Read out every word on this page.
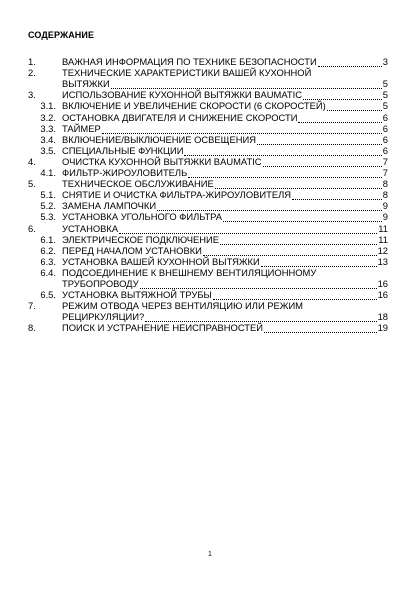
СОДЕРЖАНИЕ
1.	ВАЖНАЯ ИНФОРМАЦИЯ ПО ТЕХНИКЕ БЕЗОПАСНОСТИ	3
2.	ТЕХНИЧЕСКИЕ ХАРАКТЕРИСТИКИ ВАШЕЙ КУХОННОЙ
ВЫТЯЖКИ	5
3.	ИСПОЛЬЗОВАНИЕ КУХОННОЙ ВЫТЯЖКИ BAUMATIC	5
3.1. ВКЛЮЧЕНИЕ И УВЕЛИЧЕНИЕ СКОРОСТИ (6 СКОРОСТЕЙ)	5
3.2. ОСТАНОВКА ДВИГАТЕЛЯ И СНИЖЕНИЕ СКОРОСТИ	6
3.3. ТАЙМЕР	6
3.4. ВКЛЮЧЕНИЕ/ВЫКЛЮЧЕНИЕ ОСВЕЩЕНИЯ	6
3.5. СПЕЦИАЛЬНЫЕ ФУНКЦИИ	6
4.	ОЧИСТКА КУХОННОЙ ВЫТЯЖКИ BAUMATIC	7
4.1. ФИЛЬТР-ЖИРОУЛОВИТЕЛЬ	7
5.	ТЕХНИЧЕСКОЕ ОБСЛУЖИВАНИЕ	8
5.1. СНЯТИЕ И ОЧИСТКА ФИЛЬТРА-ЖИРОУЛОВИТЕЛЯ	8
5.2. ЗАМЕНА ЛАМПОЧКИ	9
5.3. УСТАНОВКА УГОЛЬНОГО ФИЛЬТРА	9
6.	УСТАНОВКА	11
6.1. ЭЛЕКТРИЧЕСКОЕ ПОДКЛЮЧЕНИЕ	11
6.2. ПЕРЕД НАЧАЛОМ УСТАНОВКИ	12
6.3. УСТАНОВКА ВАШЕЙ КУХОННОЙ ВЫТЯЖКИ	13
6.4. ПОДСОЕДИНЕНИЕ К ВНЕШНЕМУ ВЕНТИЛЯЦИОННОМУ
ТРУБОПРОВОДУ	16
6.5. УСТАНОВКА ВЫТЯЖНОЙ ТРУБЫ	16
7.	РЕЖИМ ОТВОДА ЧЕРЕЗ ВЕНТИЛЯЦИЮ ИЛИ РЕЖИМ
РЕЦИРКУЛЯЦИИ?	18
8.	ПОИСК И УСТРАНЕНИЕ НЕИСПРАВНОСТЕЙ	19
1
